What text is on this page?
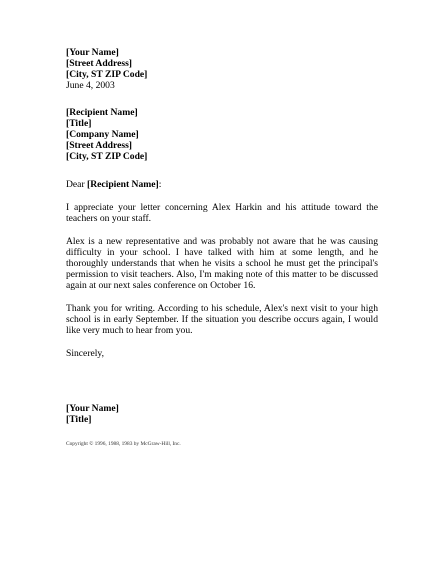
[Your Name]
[Street Address]
[City, ST ZIP Code]
June 4, 2003
[Recipient Name]
[Title]
[Company Name]
[Street Address]
[City, ST ZIP Code]
Dear [Recipient Name]:

I appreciate your letter concerning Alex Harkin and his attitude toward the teachers on your staff.

Alex is a new representative and was probably not aware that he was causing difficulty in your school. I have talked with him at some length, and he thoroughly understands that when he visits a school he must get the principal's permission to visit teachers. Also, I'm making note of this matter to be discussed again at our next sales conference on October 16.

Thank you for writing. According to his schedule, Alex's next visit to your high school is in early September. If the situation you describe occurs again, I would like very much to hear from you.

Sincerely,
[Your Name]
[Title]
Copyright © 1996, 1988, 1983 by McGraw-Hill, Inc.
